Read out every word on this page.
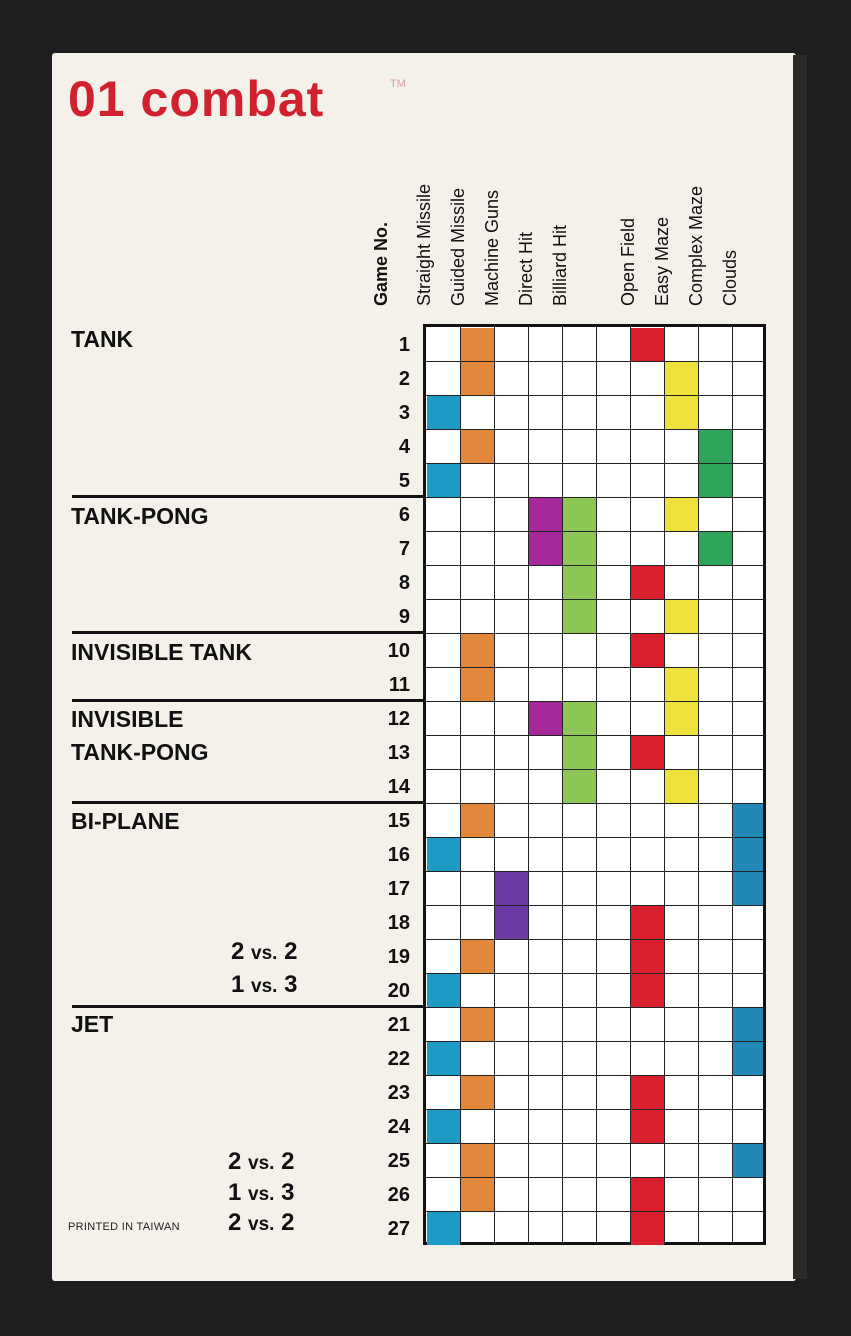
01 combat	TM
Game No. Straight Missile Guided Missile Machine Guns Direct Hit Billiard Hit	Open Field Easy Maze Complex Maze Clouds
TANK
TANK-PONG
INVISIBLE TANK
INVISIBLE
TANK-PONG
BI-PLANE
JET
2 vs. 2
1 vs. 3
2 vs. 2
1 vs. 3
2 vs. 2
PRINTED IN TAIWAN
1
2
3
4
5
6
7
8
9
10
11
12
13
14
15
16
17
18
19
20
21
22
23
24
25
26
27
